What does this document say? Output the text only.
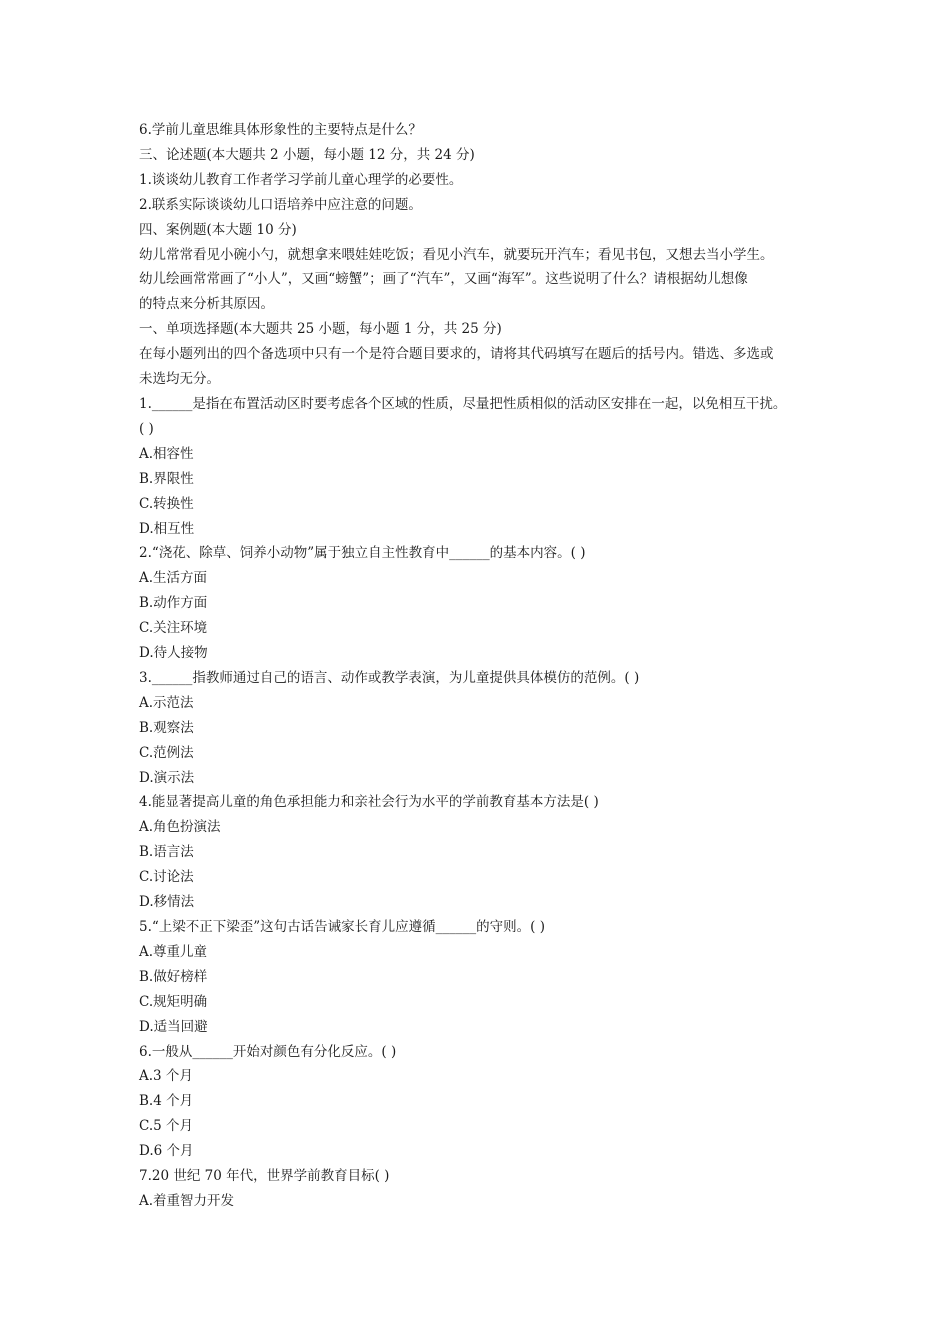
6.学前儿童思维具体形象性的主要特点是什么？
三、论述题(本大题共 2 小题，每小题 12 分，共 24 分)
1.谈谈幼儿教育工作者学习学前儿童心理学的必要性。
2.联系实际谈谈幼儿口语培养中应注意的问题。
四、案例题(本大题 10 分)
幼儿常常看见小碗小勺，就想拿来喂娃娃吃饭；看见小汽车，就要玩开汽车；看见书包，又想去当小学生。
幼儿绘画常常画了“小人”，又画“螃蟹”；画了“汽车”，又画“海军”。这些说明了什么？请根据幼儿想像
的特点来分析其原因。
一、单项选择题(本大题共 25 小题，每小题 1 分，共 25 分)
在每小题列出的四个备选项中只有一个是符合题目要求的，请将其代码填写在题后的括号内。错选、多选或
未选均无分。
1.______是指在布置活动区时要考虑各个区域的性质，尽量把性质相似的活动区安排在一起，以免相互干扰。
( )
A.相容性
B.界限性
C.转换性
D.相互性
2.“浇花、除草、饲养小动物”属于独立自主性教育中______的基本内容。( )
A.生活方面
B.动作方面
C.关注环境
D.待人接物
3.______指教师通过自己的语言、动作或教学表演，为儿童提供具体模仿的范例。( )
A.示范法
B.观察法
C.范例法
D.演示法
4.能显著提高儿童的角色承担能力和亲社会行为水平的学前教育基本方法是( )
A.角色扮演法
B.语言法
C.讨论法
D.移情法
5.“上梁不正下梁歪”这句古话告诫家长育儿应遵循______的守则。( )
A.尊重儿童
B.做好榜样
C.规矩明确
D.适当回避
6.一般从______开始对颜色有分化反应。( )
A.3 个月
B.4 个月
C.5 个月
D.6 个月
7.20 世纪 70 年代，世界学前教育目标( )
A.着重智力开发
